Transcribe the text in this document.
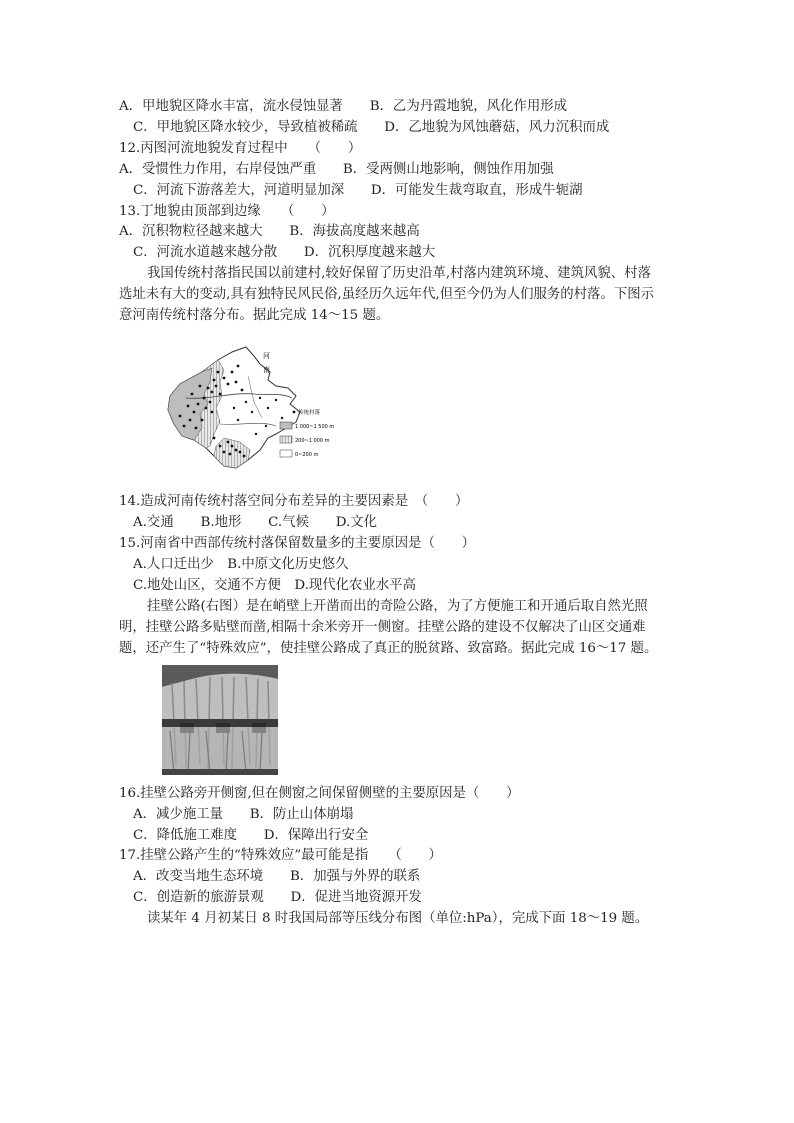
A．甲地貌区降水丰富，流水侵蚀显著　　B．乙为丹霞地貌，风化作用形成
C．甲地貌区降水较少，导致植被稀疏　　D．乙地貌为风蚀蘑菇，风力沉积而成
12.丙图河流地貌发育过程中　　（　　）
A．受惯性力作用，右岸侵蚀严重　　B．受两侧山地影响，侧蚀作用加强
C．河流下游落差大，河道明显加深　　D．可能发生裁弯取直，形成牛轭湖
13.丁地貌由顶部到边缘　　（　　）
A．沉积物粒径越来越大　　B．海拔高度越来越高
C．河流水道越来越分散　　D．沉积厚度越来越大
我国传统村落指民国以前建村,较好保留了历史沿革,村落内建筑环境、建筑风貌、村落
选址未有大的变动,具有独特民风民俗,虽经历久远年代,但至今仍为人们服务的村落。下图示
意河南传统村落分布。据此完成 14～15 题。
河
南
传统村落
1 000~1 500 m
200~1 000 m
0~200 m
14.造成河南传统村落空间分布差异的主要因素是　（　　）
A.交通　　B.地形　　C.气候　　D.文化
15.河南省中西部传统村落保留数量多的主要原因是（　　）
A.人口迁出少　B.中原文化历史悠久
C.地处山区，交通不方便　D.现代化农业水平高
挂壁公路(右图）是在峭壁上开凿而出的奇险公路，为了方便施工和开通后取自然光照
明，挂壁公路多贴壁而凿,相隔十余米旁开一侧窗。挂壁公路的建设不仅解决了山区交通难
题，还产生了“特殊效应”，使挂壁公路成了真正的脱贫路、致富路。据此完成 16～17 题。
16.挂壁公路旁开侧窗,但在侧窗之间保留侧壁的主要原因是（　　）
A．减少施工量　　B．防止山体崩塌
C．降低施工难度　　D．保障出行安全
17.挂壁公路产生的“特殊效应”最可能是指　　（　　）
A．改变当地生态环境　　B．加强与外界的联系
C．创造新的旅游景观　　D．促进当地资源开发
读某年 4 月初某日 8 时我国局部等压线分布图（单位:hPa），完成下面 18～19 题。
